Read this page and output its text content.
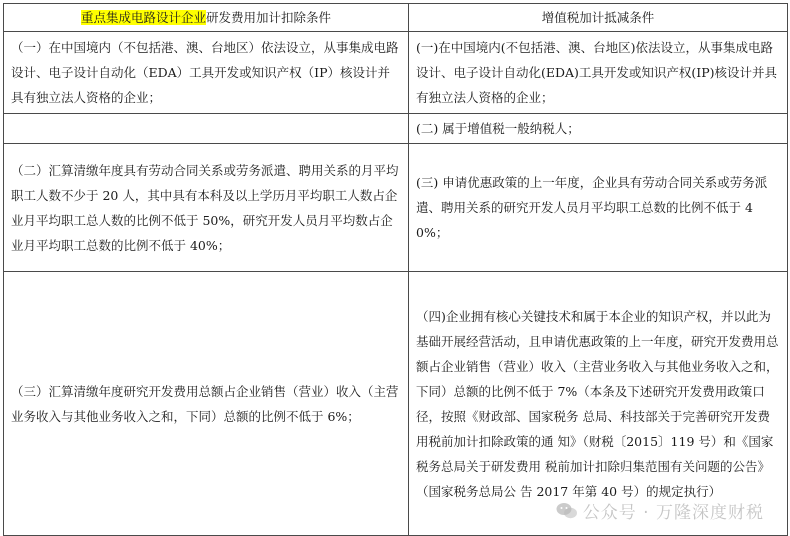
重点集成电路设计企业研发费用加计扣除条件	增值税加计抵减条件
（一）在中国境内（不包括港、澳、台地区）依法设立，从事集成电路设计、电子设计自动化（EDA）工具开发或知识产权（IP）核设计并具有独立法人资格的企业；	(一)在中国境内(不包括港、澳、台地区)依法设立，从事集成电路设计、电子设计自动化(EDA)工具开发或知识产权(IP)核设计并具有独立法人资格的企业；
	(二) 属于增值税一般纳税人；
（二）汇算清缴年度具有劳动合同关系或劳务派遣、聘用关系的月平均职工人数不少于 20 人，其中具有本科及以上学历月平均职工人数占企业月平均职工总人数的比例不低于 50%，研究开发人员月平均数占企业月平均职工总数的比例不低于 40%；	(三) 申请优惠政策的上一年度，企业具有劳动合同关系或劳务派遣、聘用关系的研究开发人员月平均职工总数的比例不低于 40%；
（三）汇算清缴年度研究开发费用总额占企业销售（营业）收入（主营业务收入与其他业务收入之和，下同）总额的比例不低于 6%；	（四)企业拥有核心关键技术和属于本企业的知识产权，并以此为基础开展经营活动，且申请优惠政策的上一年度，研究开发费用总额占企业销售（营业）收入（主营业务收入与其他业务收入之和，下同）总额的比例不低于 7%（本条及下述研究开发费用政策口径，按照《财政部、国家税务 总局、科技部关于完善研究开发费用税前加计扣除政策的通 知》（财税〔2015〕119 号）和《国家税务总局关于研发费用 税前加计扣除归集范围有关问题的公告》（国家税务总局公 告 2017 年第 40 号）的规定执行）
公众号 · 万隆深度财税
